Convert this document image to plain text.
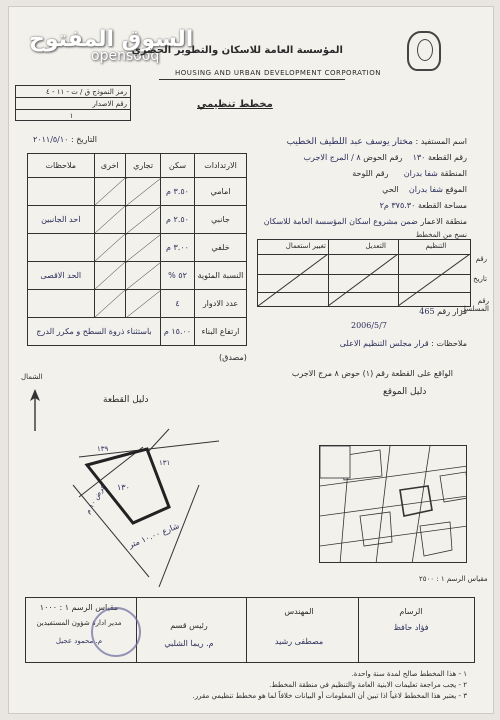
السوق المفتوح
opensooq
المؤسسة العامة للاسكان والتطوير الحضري
HOUSING AND URBAN DEVELOPMENT CORPORATION
رمز النموذج ق / ت - ١١ - ٤
رقم الاصدار
١
مخطط تنظيمي
التاريخ : ٢٠١١/٥/١٠	اسم المستفيد : مختار يوسف عبد اللطيف الخطيب
رقم القطعة ١٣٠    رقم الحوض ٨ / المرج الاجرب
المنطقة شفا بدران      رقم اللوحة
الموقع شفا بدران    الحي
مساحة القطعة ٣٧٥.٣٠ م٢
منطقة الاعمار ضمن مشروع اسكان المؤسسة العامة للاسكان
نسخ من المخطط
التنظيم
التعديل
تغيير استعمال
رقم
تاريخ
رقم المسلسل
قرار رقم 465
2006/5/7
ملاحظات : قرار مجلس التنظيم الاعلى
(مصدق)
الواقع على القطعة رقم (١) حوض ٨ مرج الاجرب
الارتدادات	سكن	تجاري	اخرى	ملاحظات
امامي	٣.٥٠ م			
جانبي	٢.٥٠ م			احد الجانبين
خلفي	٣.٠٠ م			
النسبة المئوية	٥٢ %			الحد الاقصى
عدد الادوار	٤			
ارتفاع البناء	١٥.٠٠ م	باستثناء ذروة السطح و مكرر الدرج		
الشمال
دليل القطعة
دليل الموقع
١٣٠
١٣٩
١٣١
شارع ١٠.٠٠ متر
عرض ١٠ م
مقياس الرسم ١ : ٢٥٠٠
مقياس الرسم ١ : ١٠٠٠
مدير ادارة شؤون المستفيدين
م. محمود عجيل
رئيس قسم
م. ريما الشلبي
المهندس
مصطفى رشيد
الرسام
فؤاد حافظ
١ - هذا المخطط صالح لمدة سنة واحدة.
٢ - يجب مراجعة تعليمات الابنية العامة والتنظيم في منطقة المخطط.
٣ - يعتبر هذا المخطط لاغياً اذا تبين أن المعلومات أو البيانات خلافاً لما هو مخطط تنظيمي مقرر.
